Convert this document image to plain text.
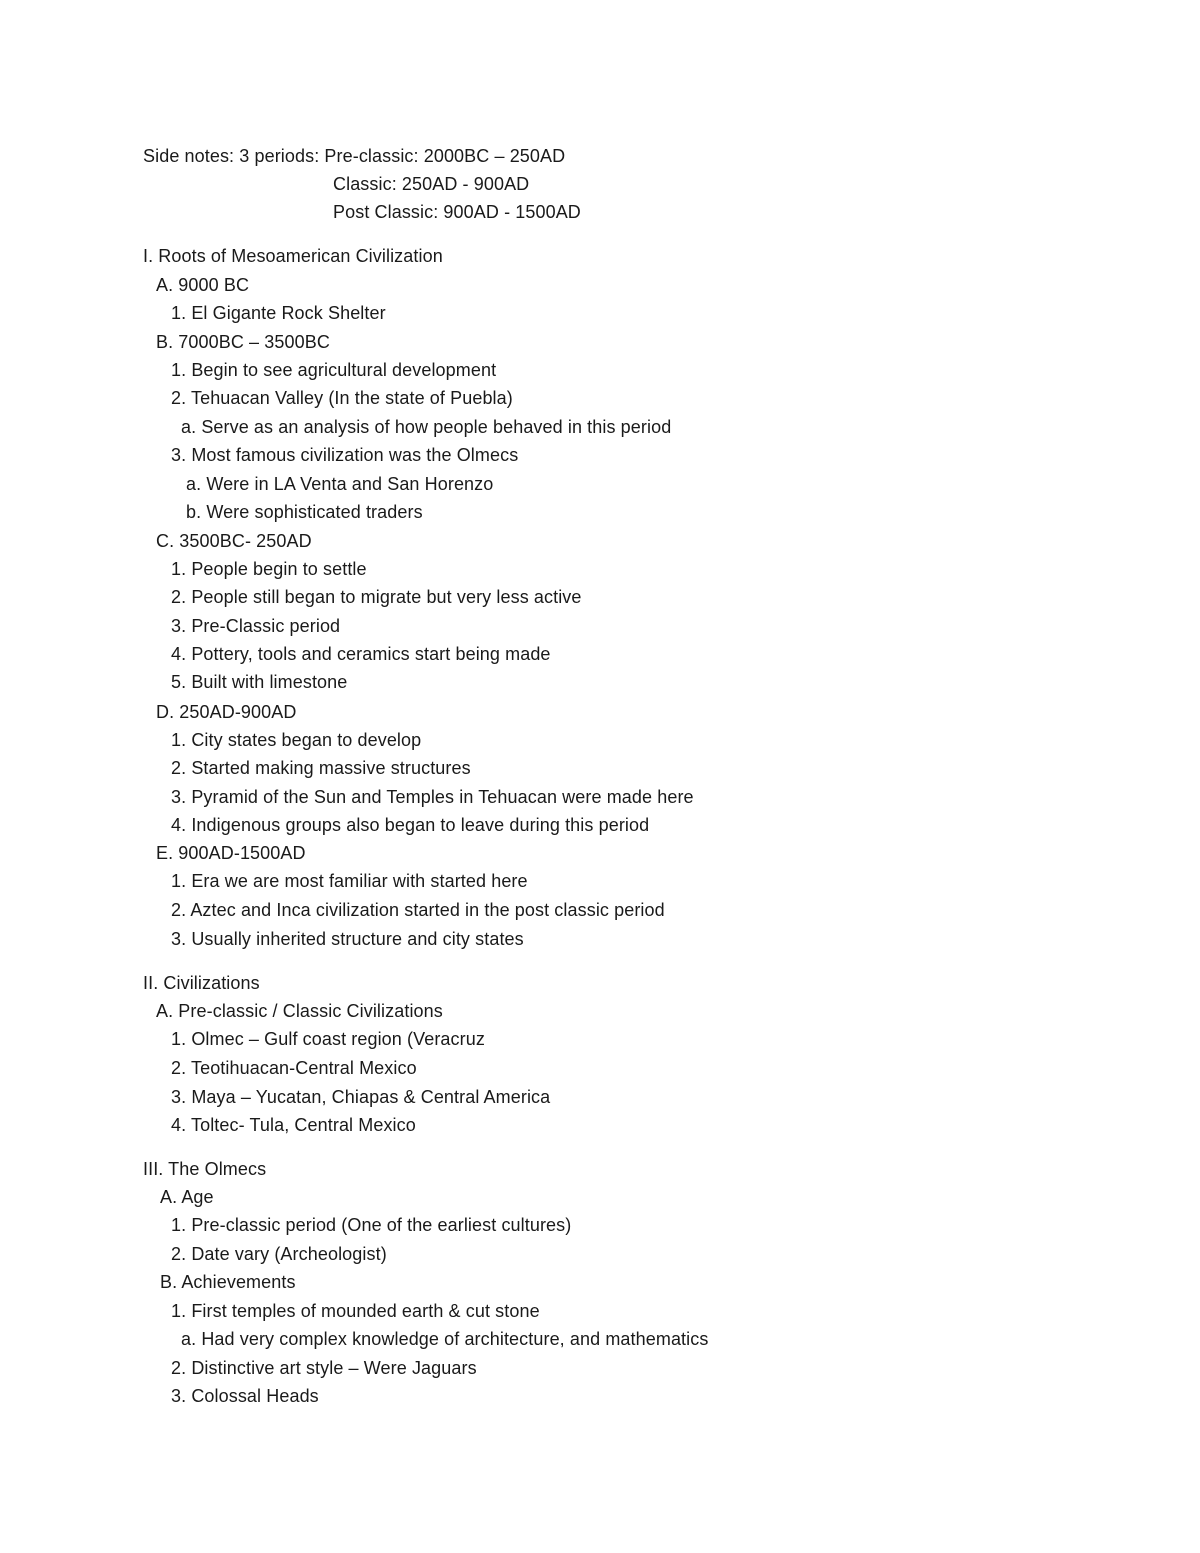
Side notes: 3 periods: Pre-classic: 2000BC – 250AD
Classic: 250AD - 900AD
Post Classic: 900AD - 1500AD
I. Roots of Mesoamerican Civilization
A. 9000 BC
1. El Gigante Rock Shelter
B. 7000BC – 3500BC
1. Begin to see agricultural development
2. Tehuacan Valley (In the state of Puebla)
a. Serve as an analysis of how people behaved in this period
3. Most famous civilization was the Olmecs
a. Were in LA Venta and San Horenzo
b. Were sophisticated traders
C. 3500BC- 250AD
1. People begin to settle
2. People still began to migrate but very less active
3. Pre-Classic period
4. Pottery, tools and ceramics start being made
5. Built with limestone
D. 250AD-900AD
1. City states began to develop
2. Started making massive structures
3. Pyramid of the Sun and Temples in Tehuacan were made here
4. Indigenous groups also began to leave during this period
E. 900AD-1500AD
1. Era we are most familiar with started here
2. Aztec and Inca civilization started in the post classic period
3. Usually inherited structure and city states
II. Civilizations
A. Pre-classic / Classic Civilizations
1. Olmec – Gulf coast region (Veracruz
2. Teotihuacan-Central Mexico
3. Maya – Yucatan, Chiapas & Central America
4. Toltec- Tula, Central Mexico
III. The Olmecs
A. Age
1. Pre-classic period (One of the earliest cultures)
2. Date vary (Archeologist)
B. Achievements
1. First temples of mounded earth & cut stone
a. Had very complex knowledge of architecture, and mathematics
2. Distinctive art style – Were Jaguars
3. Colossal Heads
